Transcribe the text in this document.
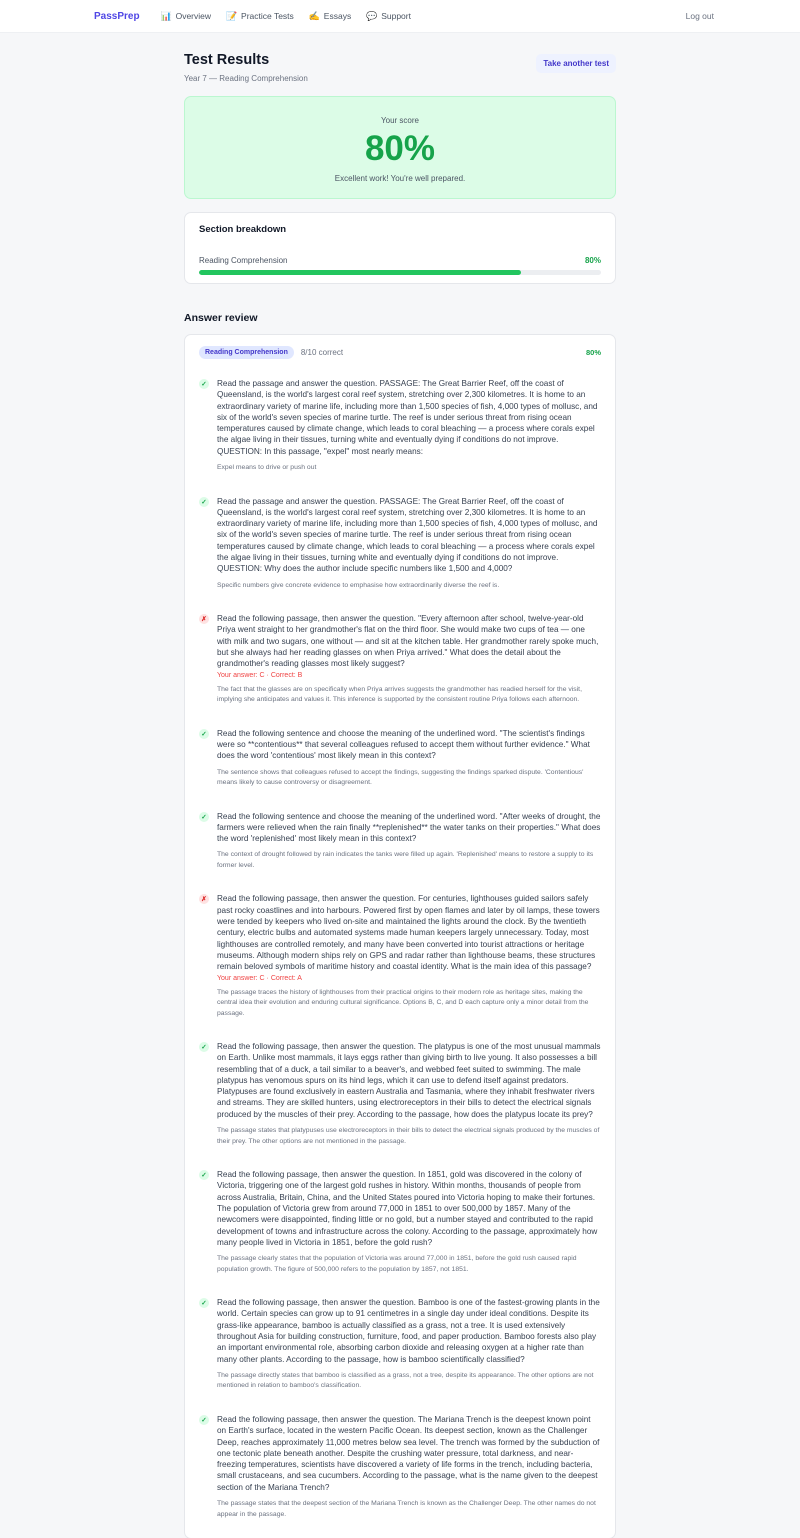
PassPrep 📊 Overview 📝 Practice Tests ✍️ Essays 💬 Support	Log out
Test Results
Year 7 — Reading Comprehension
Take another test
Your score
80%
Excellent work! You're well prepared.
Section breakdown
Reading Comprehension	80%
Answer review
Reading Comprehension	8/10 correct	80%
✓ Read the passage and answer the question. PASSAGE: The Great Barrier Reef, off the coast of Queensland, is the world's largest coral reef system, stretching over 2,300 kilometres. It is home to an extraordinary variety of marine life, including more than 1,500 species of fish, 4,000 types of mollusc, and six of the world's seven species of marine turtle. The reef is under serious threat from rising ocean temperatures caused by climate change, which leads to coral bleaching — a process where corals expel the algae living in their tissues, turning white and eventually dying if conditions do not improve. QUESTION: In this passage, "expel" most nearly means:
Expel means to drive or push out
✓ Read the passage and answer the question. PASSAGE: The Great Barrier Reef, off the coast of Queensland, is the world's largest coral reef system, stretching over 2,300 kilometres. It is home to an extraordinary variety of marine life, including more than 1,500 species of fish, 4,000 types of mollusc, and six of the world's seven species of marine turtle. The reef is under serious threat from rising ocean temperatures caused by climate change, which leads to coral bleaching — a process where corals expel the algae living in their tissues, turning white and eventually dying if conditions do not improve. QUESTION: Why does the author include specific numbers like 1,500 and 4,000?
Specific numbers give concrete evidence to emphasise how extraordinarily diverse the reef is.
✗ Read the following passage, then answer the question. "Every afternoon after school, twelve-year-old Priya went straight to her grandmother's flat on the third floor. She would make two cups of tea — one with milk and two sugars, one without — and sit at the kitchen table. Her grandmother rarely spoke much, but she always had her reading glasses on when Priya arrived." What does the detail about the grandmother's reading glasses most likely suggest?
Your answer: C · Correct: B
The fact that the glasses are on specifically when Priya arrives suggests the grandmother has readied herself for the visit, implying she anticipates and values it. This inference is supported by the consistent routine Priya follows each afternoon.
✓ Read the following sentence and choose the meaning of the underlined word. "The scientist's findings were so **contentious** that several colleagues refused to accept them without further evidence." What does the word 'contentious' most likely mean in this context?
The sentence shows that colleagues refused to accept the findings, suggesting the findings sparked dispute. 'Contentious' means likely to cause controversy or disagreement.
✓ Read the following sentence and choose the meaning of the underlined word. "After weeks of drought, the farmers were relieved when the rain finally **replenished** the water tanks on their properties." What does the word 'replenished' most likely mean in this context?
The context of drought followed by rain indicates the tanks were filled up again. 'Replenished' means to restore a supply to its former level.
✗ Read the following passage, then answer the question. For centuries, lighthouses guided sailors safely past rocky coastlines and into harbours. Powered first by open flames and later by oil lamps, these towers were tended by keepers who lived on-site and maintained the lights around the clock. By the twentieth century, electric bulbs and automated systems made human keepers largely unnecessary. Today, most lighthouses are controlled remotely, and many have been converted into tourist attractions or heritage museums. Although modern ships rely on GPS and radar rather than lighthouse beams, these structures remain beloved symbols of maritime history and coastal identity. What is the main idea of this passage?
Your answer: C · Correct: A
The passage traces the history of lighthouses from their practical origins to their modern role as heritage sites, making the central idea their evolution and enduring cultural significance. Options B, C, and D each capture only a minor detail from the passage.
✓ Read the following passage, then answer the question. The platypus is one of the most unusual mammals on Earth. Unlike most mammals, it lays eggs rather than giving birth to live young. It also possesses a bill resembling that of a duck, a tail similar to a beaver's, and webbed feet suited to swimming. The male platypus has venomous spurs on its hind legs, which it can use to defend itself against predators. Platypuses are found exclusively in eastern Australia and Tasmania, where they inhabit freshwater rivers and streams. They are skilled hunters, using electroreceptors in their bills to detect the electrical signals produced by the muscles of their prey. According to the passage, how does the platypus locate its prey?
The passage states that platypuses use electroreceptors in their bills to detect the electrical signals produced by the muscles of their prey. The other options are not mentioned in the passage.
✓ Read the following passage, then answer the question. In 1851, gold was discovered in the colony of Victoria, triggering one of the largest gold rushes in history. Within months, thousands of people from across Australia, Britain, China, and the United States poured into Victoria hoping to make their fortunes. The population of Victoria grew from around 77,000 in 1851 to over 500,000 by 1857. Many of the newcomers were disappointed, finding little or no gold, but a number stayed and contributed to the rapid development of towns and infrastructure across the colony. According to the passage, approximately how many people lived in Victoria in 1851, before the gold rush?
The passage clearly states that the population of Victoria was around 77,000 in 1851, before the gold rush caused rapid population growth. The figure of 500,000 refers to the population by 1857, not 1851.
✓ Read the following passage, then answer the question. Bamboo is one of the fastest-growing plants in the world. Certain species can grow up to 91 centimetres in a single day under ideal conditions. Despite its grass-like appearance, bamboo is actually classified as a grass, not a tree. It is used extensively throughout Asia for building construction, furniture, food, and paper production. Bamboo forests also play an important environmental role, absorbing carbon dioxide and releasing oxygen at a higher rate than many other plants. According to the passage, how is bamboo scientifically classified?
The passage directly states that bamboo is classified as a grass, not a tree, despite its appearance. The other options are not mentioned in relation to bamboo's classification.
✓ Read the following passage, then answer the question. The Mariana Trench is the deepest known point on Earth's surface, located in the western Pacific Ocean. Its deepest section, known as the Challenger Deep, reaches approximately 11,000 metres below sea level. The trench was formed by the subduction of one tectonic plate beneath another. Despite the crushing water pressure, total darkness, and near-freezing temperatures, scientists have discovered a variety of life forms in the trench, including bacteria, small crustaceans, and sea cucumbers. According to the passage, what is the name given to the deepest section of the Mariana Trench?
The passage states that the deepest section of the Mariana Trench is known as the Challenger Deep. The other names do not appear in the passage.
